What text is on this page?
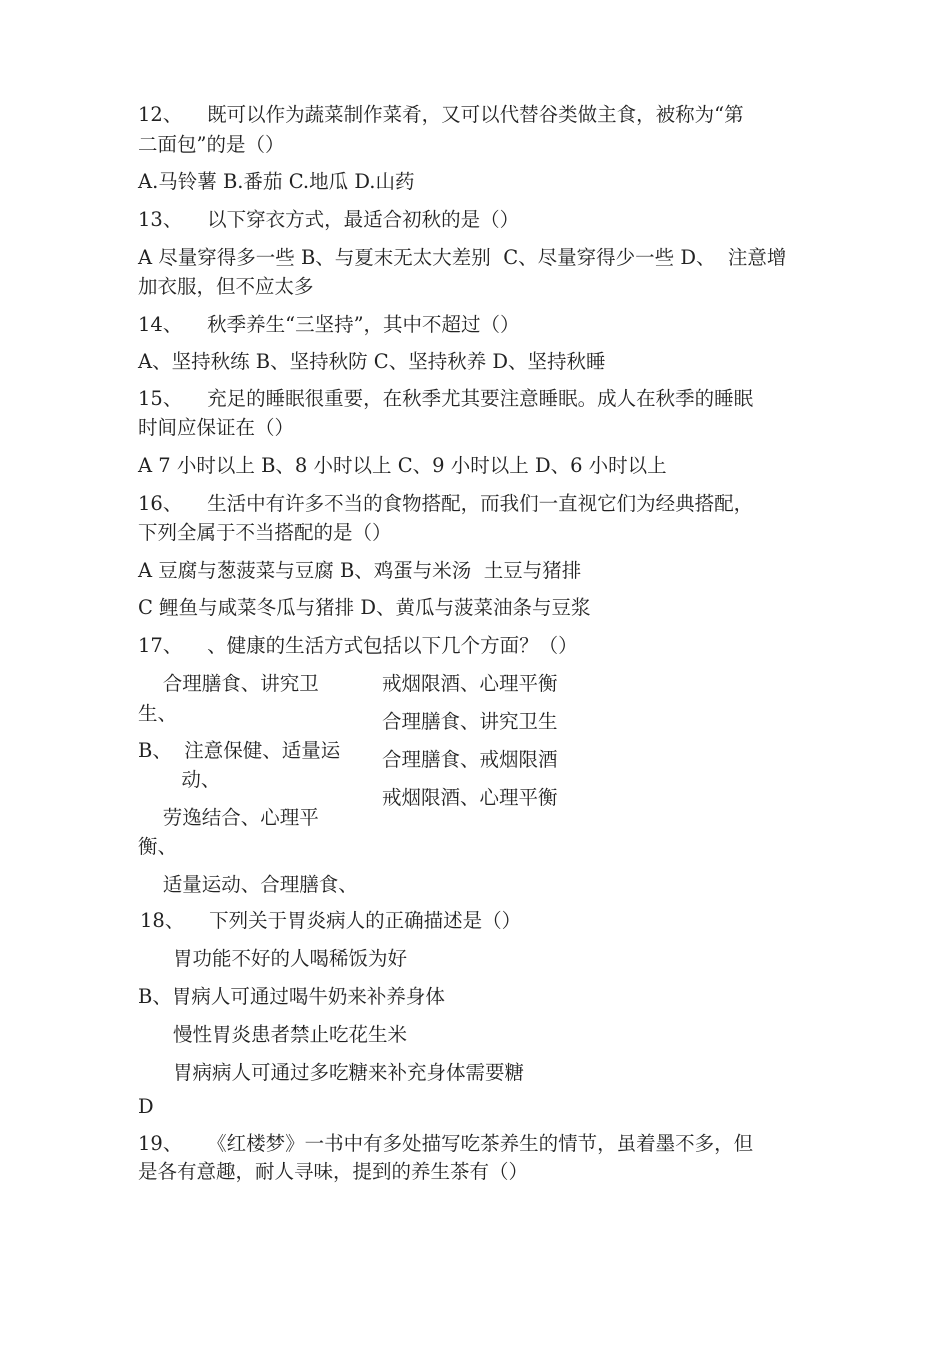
12、    既可以作为蔬菜制作菜肴，又可以代替谷类做主食，被称为“第
二面包”的是（）
A.马铃薯 B.番茄 C.地瓜 D.山药
13、    以下穿衣方式，最适合初秋的是（）
A 尽量穿得多一些 B、与夏末无太大差别  C、尽量穿得少一些 D、  注意增
加衣服，但不应太多
14、    秋季养生“三坚持”，其中不超过（）
A、坚持秋练 B、坚持秋防 C、坚持秋养 D、坚持秋睡
15、    充足的睡眠很重要，在秋季尤其要注意睡眠。成人在秋季的睡眠
时间应保证在（）
A 7 小时以上 B、8 小时以上 C、9 小时以上 D、6 小时以上
16、    生活中有许多不当的食物搭配，而我们一直视它们为经典搭配，
下列全属于不当搭配的是（）
A 豆腐与葱菠菜与豆腐 B、鸡蛋与米汤  土豆与猪排
C 鲤鱼与咸菜冬瓜与猪排 D、黄瓜与菠菜油条与豆浆
17、    、健康的生活方式包括以下几个方面？（）
合理膳食、讲究卫
生、
B、  注意保健、适量运
动、
劳逸结合、心理平
衡、
适量运动、合理膳食、
戒烟限酒、心理平衡
合理膳食、讲究卫生
合理膳食、戒烟限酒
戒烟限酒、心理平衡
18、    下列关于胃炎病人的正确描述是（）
胃功能不好的人喝稀饭为好
B、胃病人可通过喝牛奶来补养身体
慢性胃炎患者禁止吃花生米
胃病病人可通过多吃糖来补充身体需要糖
D
19、    《红楼梦》一书中有多处描写吃茶养生的情节，虽着墨不多，但
是各有意趣，耐人寻味，提到的养生茶有（）
